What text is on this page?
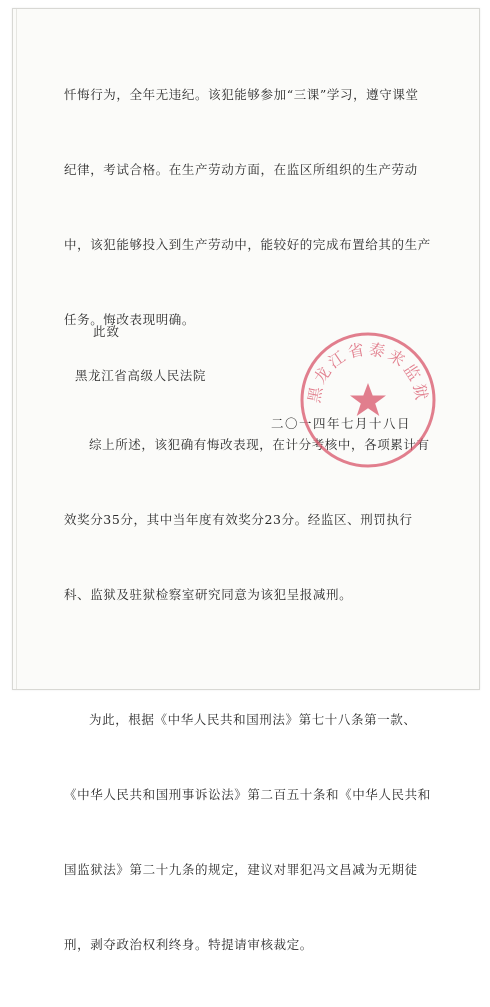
忏悔行为，全年无违纪。该犯能够参加“三课”学习，遵守课堂

纪律，考试合格。在生产劳动方面，在监区所组织的生产劳动

中，该犯能够投入到生产劳动中，能较好的完成布置给其的生产

任务。悔改表现明确。

综上所述，该犯确有悔改表现，在计分考核中，各项累计有

效奖分35分，其中当年度有效奖分23分。经监区、刑罚执行

科、监狱及驻狱检察室研究同意为该犯呈报减刑。

为此，根据《中华人民共和国刑法》第七十八条第一款、

《中华人民共和国刑事诉讼法》第二百五十条和《中华人民共和

国监狱法》第二十九条的规定，建议对罪犯冯文昌减为无期徒

刑，剥夺政治权利终身。特提请审核裁定。

此致
黑龙江省高级人民法院
二〇一四年七月十八日
黑龙江省泰来监狱
